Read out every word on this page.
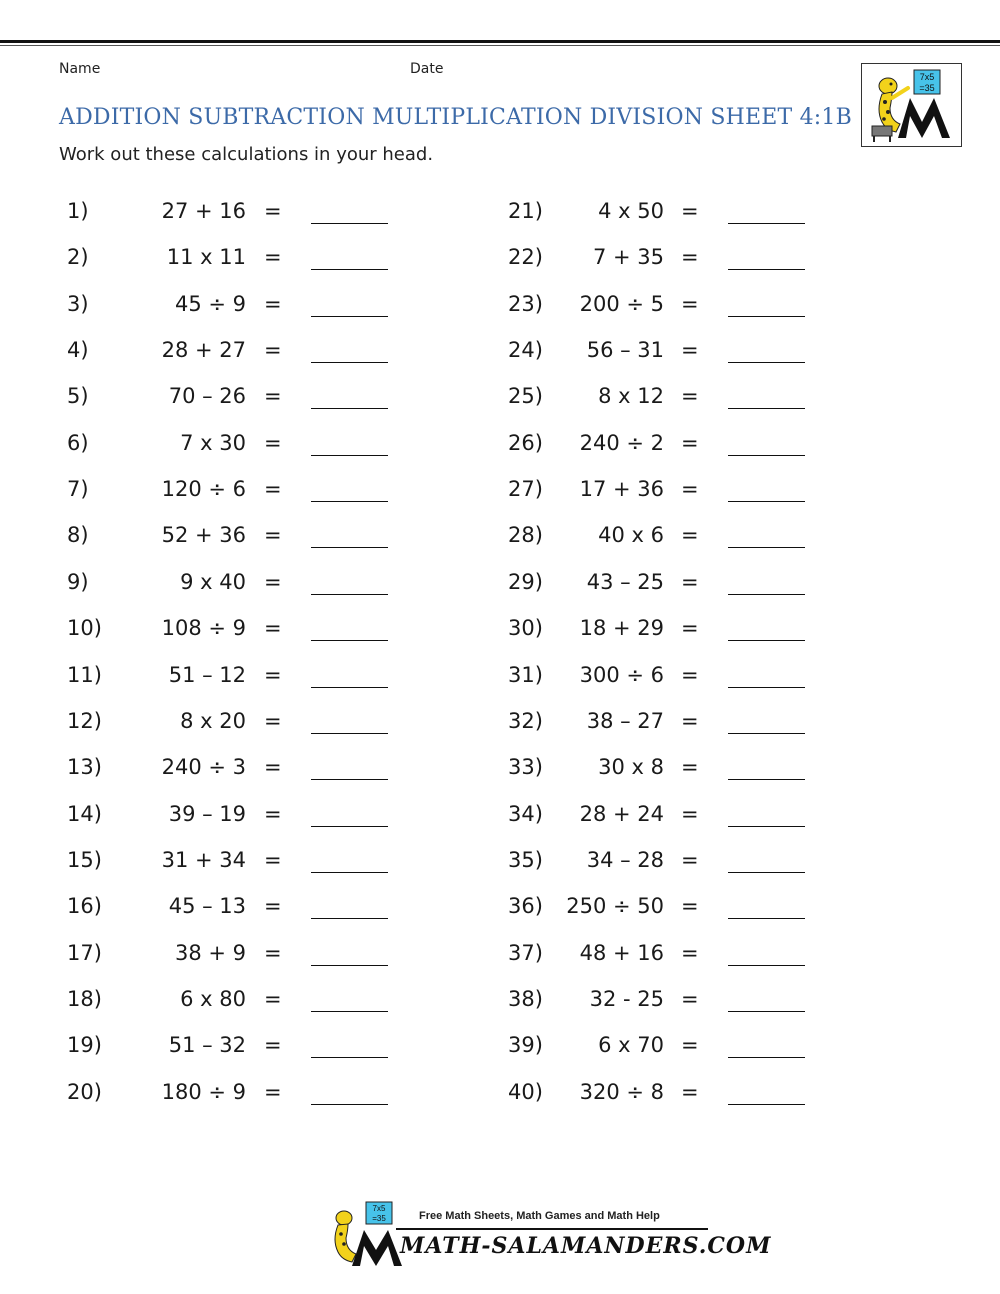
Name	Date
ADDITION SUBTRACTION MULTIPLICATION DIVISION SHEET 4:1B
Work out these calculations in your head.
7x5
=35
1)	27 + 16 =
2)	11 x 11 =
3)	45 ÷ 9 =
4)	28 + 27 =
5)	70 – 26 =
6)	7 x 30 =
7)	120 ÷ 6 =
8)	52 + 36 =
9)	9 x 40 =
10)	108 ÷ 9 =
11)	51 – 12 =
12)	8 x 20 =
13)	240 ÷ 3 =
14)	39 – 19 =
15)	31 + 34 =
16)	45 – 13 =
17)	38 + 9 =
18)	6 x 80 =
19)	51 – 32 =
20)	180 ÷ 9 =
21)	4 x 50 =
22) 7 + 35 =
23) 200 ÷ 5 =
24) 56 – 31 =
25)	8 x 12 =
26) 240 ÷ 2 =
27) 17 + 36 =
28)	40 x 6 =
29) 43 – 25 =
30) 18 + 29 =
31) 300 ÷ 6 =
32) 38 – 27 =
33)	30 x 8 =
34) 28 + 24 =
35) 34 – 28 =
36) 250 ÷ 50 =
37) 48 + 16 =
38) 32 - 25 =
39)	6 x 70 =
40) 320 ÷ 8 =
7x5
=35	Free Math Sheets, Math Games and Math Help
MATH-SALAMANDERS.COM
